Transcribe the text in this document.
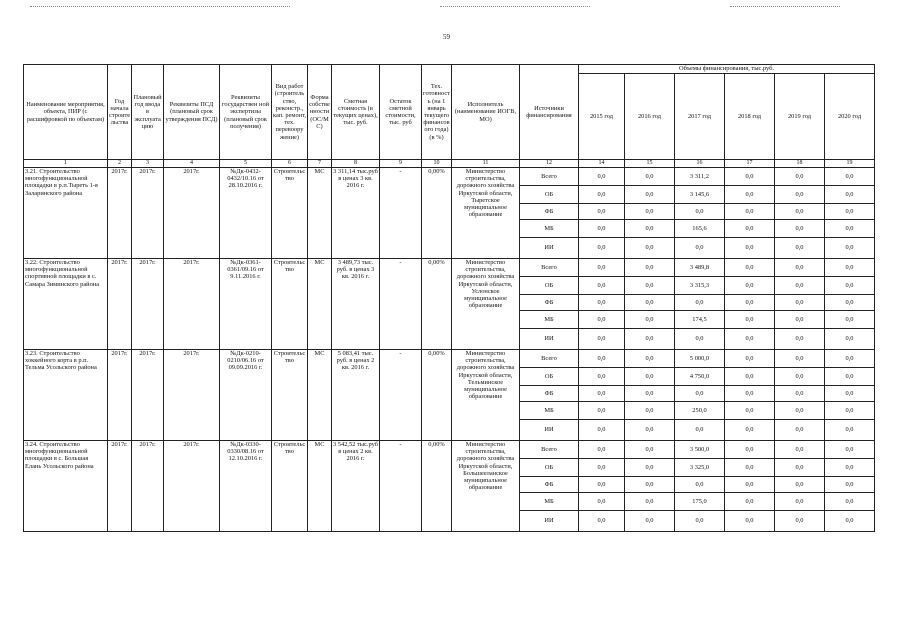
59
Наименование мероприятия, объекта, ПИР (с расшифровкой по объектам)	Год начала строите льства	Плановый год ввода в эксплуата цию	Реквизиты ПСД (плановый срок утверждения ПСД)	Реквизиты государствен ной экспертизы (плановый срок получения)	Вид работ (строитель ство, реконстр., кап. ремонт, тех. перевоору жение)	Форма собстве нности (ОС/М С)	Сметная стоимость (в текущих ценах), тыс. руб.	Остаток сметной стоимости, тыс. руб	Тех. готовност ь (на 1 январь текущего финансов ого года) (в %)	Исполнитель (наименование ИОГВ, МО)	Источники финансирования	Объемы финансирования, тыс.руб.					
												2015 год	2016 год	2017 год	2018 год	2019 год	2020 год
1	2	3	4	5	6	7	8	9	10	11	12	14	15	16	17	18	19
3.21. Строительство многофункциональной площадки в р.п.Тыреть 1-я Заларинского района	2017г.	2017г.	2017г.	№Дк-0432-0432/10.16 от 28.10.2016 г.	Строительс тво	МС	3 311,14 тыс.руб в ценах 3 кв. 2016 г.	-	0,00%	Министерство строительства, дорожного хозяйства Иркутской области, Тыретское муниципальное образование	Всего	0,0	0,0	3 311,2	0,0	0,0	0,0
											ОБ	0,0	0,0	3 145,6	0,0	0,0	0,0
											ФБ	0,0	0,0	0,0	0,0	0,0	0,0
											МБ	0,0	0,0	165,6	0,0	0,0	0,0
											ИИ	0,0	0,0	0,0	0,0	0,0	0,0
3.22. Строительство многофункциональной спортивной площадки в с. Самара Зиминского района	2017г.	2017г.	2017г.	№Дк-0361-0361/09.16 от 9.11.2016 г.	Строительс тво	МС	3 489,73 тыс. руб. в ценах 3 кв. 2016 г.	-	0,00%	Министерство строительства, дорожного хозяйства Иркутской области, Услонское муниципальное образование	Всего	0,0	0,0	3 489,8	0,0	0,0	0,0
											ОБ	0,0	0,0	3 315,3	0,0	0,0	0,0
											ФБ	0,0	0,0	0,0	0,0	0,0	0,0
											МБ	0,0	0,0	174,5	0,0	0,0	0,0
											ИИ	0,0	0,0	0,0	0,0	0,0	0,0
3.23. Строительство хоккейного корта в р.п. Тельма Усольского района	2017г.	2017г.	2017г.	№Дк-0210-0210/06.16 от 09.09.2016 г.	Строительс тво	МС	5 083,41 тыс. руб. в ценах 2 кв. 2016 г.	-	0,00%	Министерство строительства, дорожного хозяйства Иркутской области, Тельминское муниципальное образование	Всего	0,0	0,0	5 000,0	0,0	0,0	0,0
											ОБ	0,0	0,0	4 750,0	0,0	0,0	0,0
											ФБ	0,0	0,0	0,0	0,0	0,0	0,0
											МБ	0,0	0,0	250,0	0,0	0,0	0,0
											ИИ	0,0	0,0	0,0	0,0	0,0	0,0
3.24. Строительство многофункциональной площадки в с. Большая Елань Усольского района	2017г.	2017г.	2017г.	№Дк-0330-0330/08.16 от 12.10.2016 г.	Строительс тво	МС	3 542,52 тыс.руб в ценах 2 кв. 2016 г.	-	0,00%	Министерство строительства, дорожного хозяйства Иркутской области, Большееланское муниципальное образование	Всего	0,0	0,0	3 500,0	0,0	0,0	0,0
											ОБ	0,0	0,0	3 325,0	0,0	0,0	0,0
											ФБ	0,0	0,0	0,0	0,0	0,0	0,0
											МБ	0,0	0,0	175,0	0,0	0,0	0,0
											ИИ	0,0	0,0	0,0	0,0	0,0	0,0
